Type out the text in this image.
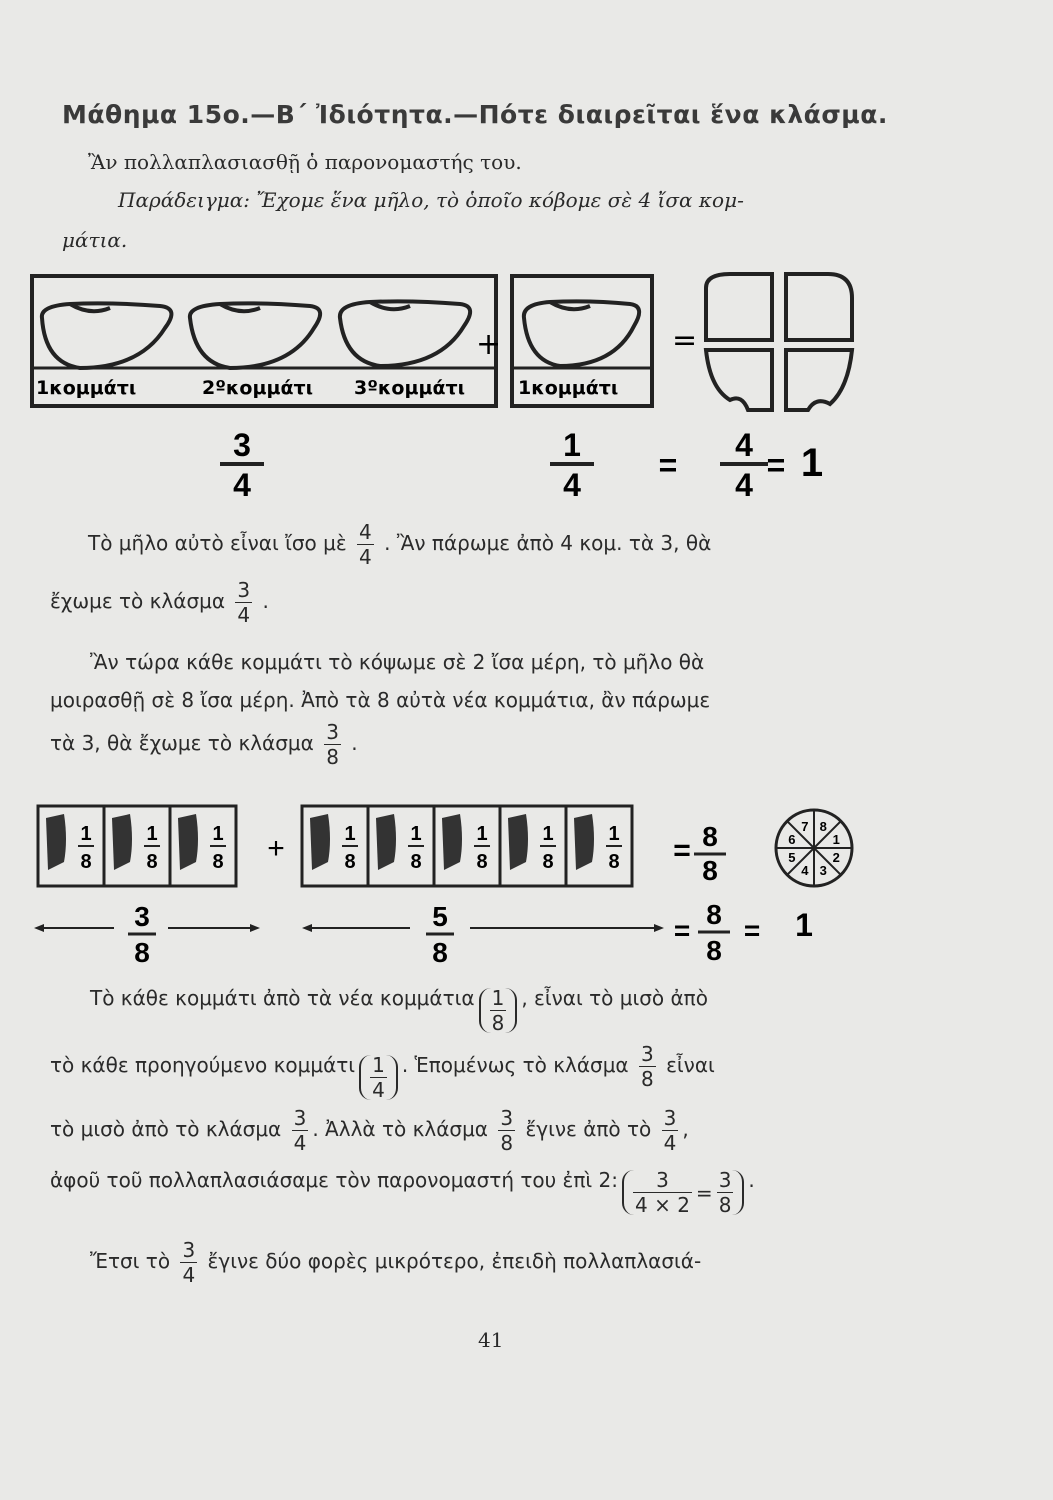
Μάθημα 15ο.—Β΄ Ἰδιότητα.—Πότε διαιρεῖται ἕνα κλάσμα.
Ἂν πολλαπλασιασθῇ ὁ παρονομαστής του.
Παράδειγμα: Ἔχομε ἕνα μῆλο, τὸ ὁποῖο κόβομε σὲ 4 ἴσα κομ-
μάτια.
1κομμάτι	2ºκομμάτι 3ºκομμάτι	1κομμάτι
+	=
3
4
1
4
=
4
4
= 1
Τὸ μῆλο αὐτὸ εἶναι ἴσο μὲ $\frac{4}{4}$ . Ἂν πάρωμε ἀπὸ 4 κομ. τὰ 3, θὰ
ἔχωμε τὸ κλάσμα $\frac{3}{4}$ .
Ἂν τώρα κάθε κομμάτι τὸ κόψωμε σὲ 2 ἴσα μέρη, τὸ μῆλο θὰ
μοιρασθῇ σὲ 8 ἴσα μέρη. Ἀπὸ τὰ 8 αὐτὰ νέα κομμάτια, ἂν πάρωμε
τὰ 3, θὰ ἔχωμε τὸ κλάσμα $\frac{3}{8}$ .
1
8
1
8
1
8
1
8
1
8
1
8
1
8
1
8
+	= 8
8
3
8
5
8
=
8
8
= 1
8
1
2
3
4
5
6
7
Τὸ κάθε κομμάτι ἀπὸ τὰ νέα κομμάτια $\frac{1}{8}$ , εἶναι τὸ μισὸ ἀπὸ
τὸ κάθε προηγούμενο κομμάτι $\frac{1}{4}$ . Ἑπομένως τὸ κλάσμα $\frac{3}{8}$ εἶναι
τὸ μισὸ ἀπὸ τὸ κλάσμα $\frac{3}{4}$ . Ἀλλὰ τὸ κλάσμα $\frac{3}{8}$ ἔγινε ἀπὸ τὸ $\frac{3}{4}$ ,
ἀφοῦ τοῦ πολλαπλασιάσαμε τὸν παρονομαστή του ἐπὶ 2: $\frac{3}{4 \times 2} = \frac{3}{8}$ .
Ἔτσι τὸ $\frac{3}{4}$ ἔγινε δύο φορὲς μικρότερο, ἐπειδὴ πολλαπλασιά-
41
